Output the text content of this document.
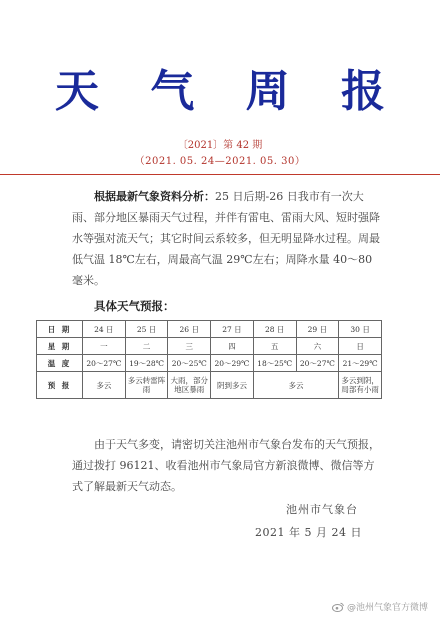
天 气 周 报
〔2021〕第 42 期
（2021. 05. 24—2021. 05. 30）
根据最新气象资料分析：25 日后期-26 日我市有一次大雨、部分地区暴雨天气过程，并伴有雷电、雷雨大风、短时强降水等强对流天气；其它时间云系较多，但无明显降水过程。周最低气温 18℃左右，周最高气温 29℃左右；周降水量 40～80 毫米。
具体天气预报：
日 期	24 日	25 日	26 日	27 日	28 日	29 日	30 日
星 期	一	二	三	四	五	六	日
温 度	20～27℃	19～28℃	20～25℃	20～29℃	18～25℃	20～27℃	21～29℃
预 报	多云	多云转雷阵雨	大雨，部分地区暴雨	阴到多云	多云		多云到阴，局部有小雨
由于天气多变，请密切关注池州市气象台发布的天气预报，通过拨打 96121、收看池州市气象局官方新浪微博、微信等方式了解最新天气动态。
池州市气象台
2021 年 5 月 24 日
@池州气象官方微博
